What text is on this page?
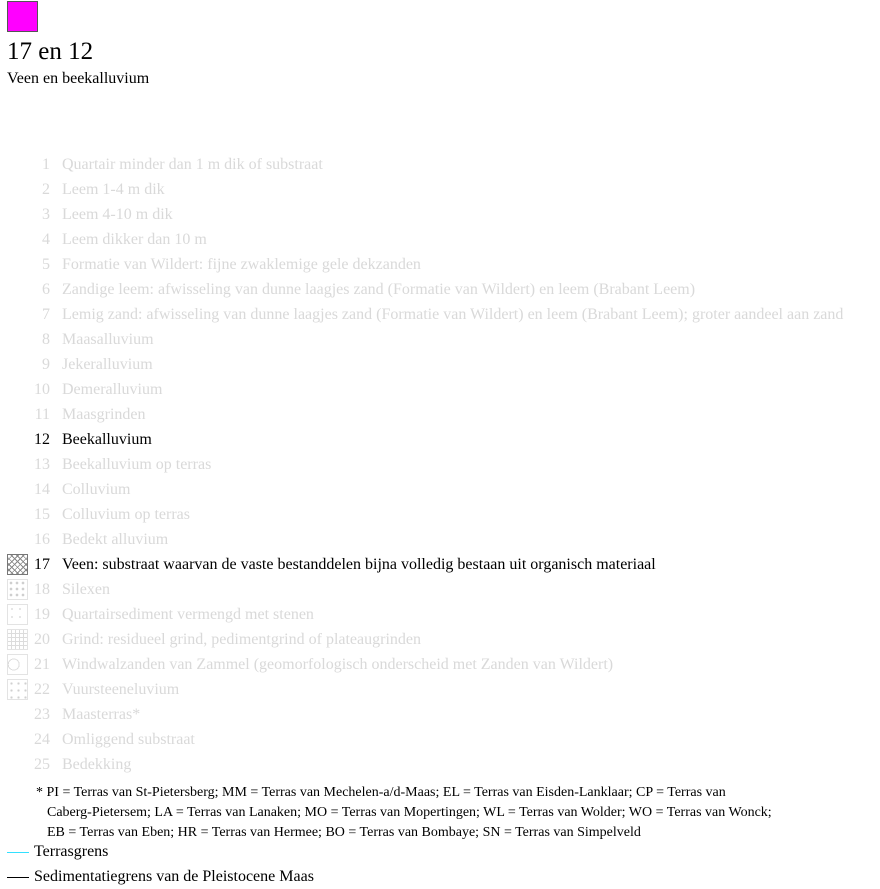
17 en 12
Veen en beekalluvium
1 Quartair minder dan 1 m dik of substraat
2 Leem 1-4 m dik
3 Leem 4-10 m dik
4 Leem dikker dan 10 m
5 Formatie van Wildert: fijne zwaklemige gele dekzanden
6 Zandige leem: afwisseling van dunne laagjes zand (Formatie van Wildert) en leem (Brabant Leem)
7 Lemig zand: afwisseling van dunne laagjes zand (Formatie van Wildert) en leem (Brabant Leem); groter aandeel aan zand
8 Maasalluvium
9 Jekeralluvium
10 Demeralluvium
11 Maasgrinden
12 Beekalluvium
13 Beekalluvium op terras
14 Colluvium
15 Colluvium op terras
16 Bedekt alluvium
17 Veen: substraat waarvan de vaste bestanddelen bijna volledig bestaan uit organisch materiaal
18 Silexen
19 Quartairsediment vermengd met stenen
20 Grind: residueel grind, pedimentgrind of plateaugrinden
21 Windwalzanden van Zammel (geomorfologisch onderscheid met Zanden van Wildert)
22 Vuursteeneluvium
23 Maasterras*
24 Omliggend substraat
25 Bedekking
* PI = Terras van St-Pietersberg; MM = Terras van Mechelen-a/d-Maas; EL = Terras van Eisden-Lanklaar; CP = Terras van
Caberg-Pietersem; LA = Terras van Lanaken; MO = Terras van Mopertingen; WL = Terras van Wolder; WO = Terras van Wonck;
EB = Terras van Eben; HR = Terras van Hermee; BO = Terras van Bombaye; SN = Terras van Simpelveld
Terrasgrens
Sedimentatiegrens van de Pleistocene Maas
